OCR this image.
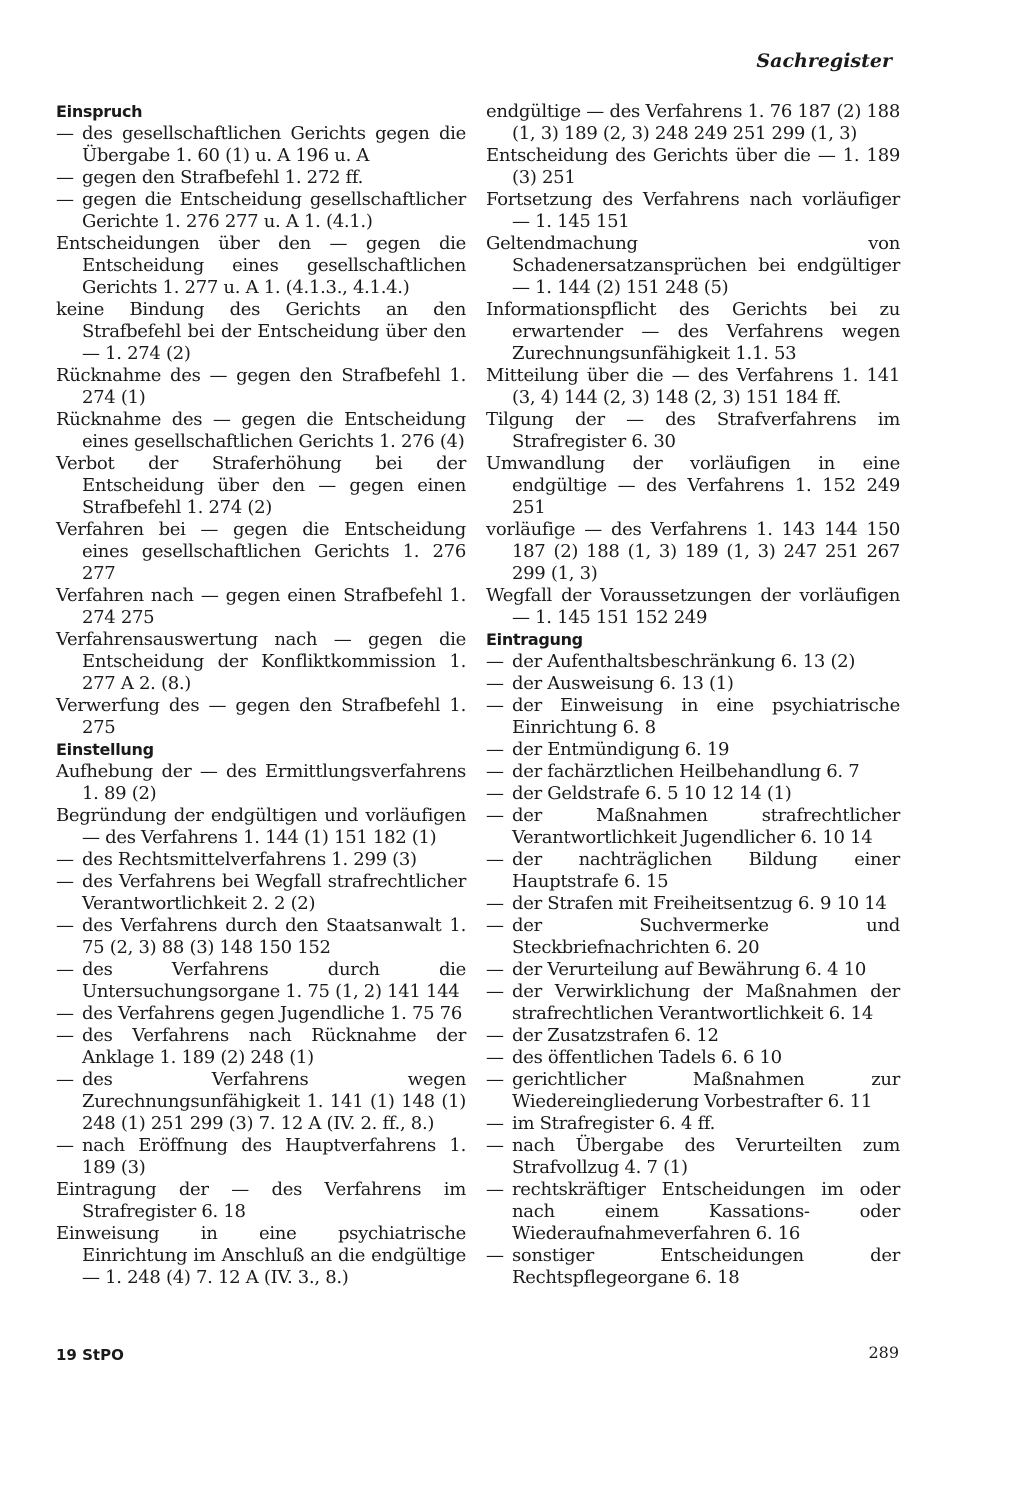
Sachregister
Einspruch
— des gesellschaftlichen Gerichts gegen die Übergabe 1. 60 (1) u. A 196 u. A
— gegen den Strafbefehl 1. 272 ff.
— gegen die Entscheidung gesellschaftlicher Gerichte 1. 276 277 u. A 1. (4.1.)
Entscheidungen über den — gegen die Entscheidung eines gesellschaftlichen Gerichts 1. 277 u. A 1. (4.1.3., 4.1.4.)
keine Bindung des Gerichts an den Strafbefehl bei der Entscheidung über den — 1. 274 (2)
Rücknahme des — gegen den Strafbefehl 1. 274 (1)
Rücknahme des — gegen die Entscheidung eines gesellschaftlichen Gerichts 1. 276 (4)
Verbot der Straferhöhung bei der Entscheidung über den — gegen einen Strafbefehl 1. 274 (2)
Verfahren bei — gegen die Entscheidung eines gesellschaftlichen Gerichts 1. 276 277
Verfahren nach — gegen einen Strafbefehl 1. 274 275
Verfahrensauswertung nach — gegen die Entscheidung der Konfliktkommission 1. 277 A 2. (8.)
Verwerfung des — gegen den Strafbefehl 1. 275
Einstellung
Aufhebung der — des Ermittlungsverfahrens 1. 89 (2)
Begründung der endgültigen und vorläufigen — des Verfahrens 1. 144 (1) 151 182 (1)
— des Rechtsmittelverfahrens 1. 299 (3)
— des Verfahrens bei Wegfall strafrechtlicher Verantwortlichkeit 2. 2 (2)
— des Verfahrens durch den Staatsanwalt 1. 75 (2, 3) 88 (3) 148 150 152
— des Verfahrens durch die Untersuchungsorgane 1. 75 (1, 2) 141 144
— des Verfahrens gegen Jugendliche 1. 75 76
— des Verfahrens nach Rücknahme der Anklage 1. 189 (2) 248 (1)
— des Verfahrens wegen Zurechnungsunfähigkeit 1. 141 (1) 148 (1) 248 (1) 251 299 (3) 7. 12 A (IV. 2. ff., 8.)
— nach Eröffnung des Hauptverfahrens 1. 189 (3)
Eintragung der — des Verfahrens im Strafregister 6. 18
Einweisung in eine psychiatrische Einrichtung im Anschluß an die endgültige — 1. 248 (4) 7. 12 A (IV. 3., 8.)
endgültige — des Verfahrens 1. 76 187 (2) 188 (1, 3) 189 (2, 3) 248 249 251 299 (1, 3)
Entscheidung des Gerichts über die — 1. 189 (3) 251
Fortsetzung des Verfahrens nach vorläufiger — 1. 145 151
Geltendmachung von Schadenersatzansprüchen bei endgültiger — 1. 144 (2) 151 248 (5)
Informationspflicht des Gerichts bei zu erwartender — des Verfahrens wegen Zurechnungsunfähigkeit 1.1. 53
Mitteilung über die — des Verfahrens 1. 141 (3, 4) 144 (2, 3) 148 (2, 3) 151 184 ff.
Tilgung der — des Strafverfahrens im Strafregister 6. 30
Umwandlung der vorläufigen in eine endgültige — des Verfahrens 1. 152 249 251
vorläufige — des Verfahrens 1. 143 144 150 187 (2) 188 (1, 3) 189 (1, 3) 247 251 267 299 (1, 3)
Wegfall der Voraussetzungen der vorläufigen — 1. 145 151 152 249
Eintragung
— der Aufenthaltsbeschränkung 6. 13 (2)
— der Ausweisung 6. 13 (1)
— der Einweisung in eine psychiatrische Einrichtung 6. 8
— der Entmündigung 6. 19
— der fachärztlichen Heilbehandlung 6. 7
— der Geldstrafe 6. 5 10 12 14 (1)
— der Maßnahmen strafrechtlicher Verantwortlichkeit Jugendlicher 6. 10 14
— der nachträglichen Bildung einer Hauptstrafe 6. 15
— der Strafen mit Freiheitsentzug 6. 9 10 14
— der Suchvermerke und Steckbriefnachrichten 6. 20
— der Verurteilung auf Bewährung 6. 4 10
— der Verwirklichung der Maßnahmen der strafrechtlichen Verantwortlichkeit 6. 14
— der Zusatzstrafen 6. 12
— des öffentlichen Tadels 6. 6 10
— gerichtlicher Maßnahmen zur Wiedereingliederung Vorbestrafter 6. 11
— im Strafregister 6. 4 ff.
— nach Übergabe des Verurteilten zum Strafvollzug 4. 7 (1)
— rechtskräftiger Entscheidungen im oder nach einem Kassations- oder Wiederaufnahmeverfahren 6. 16
— sonstiger Entscheidungen der Rechtspflegeorgane 6. 18
19 StPO	289
